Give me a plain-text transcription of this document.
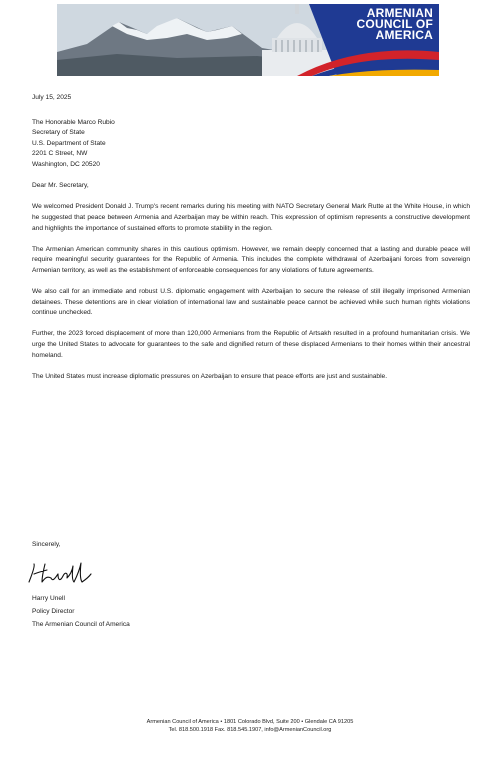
ARMENIAN
COUNCIL OF
AMERICA
July 15, 2025
The Honorable Marco Rubio
Secretary of State
U.S. Department of State
2201 C Street, NW
Washington, DC 20520

Dear Mr. Secretary,

We welcomed President Donald J. Trump's recent remarks during his meeting with NATO Secretary General Mark Rutte at the White House, in which he suggested that peace between Armenia and Azerbaijan may be within reach. This expression of optimism represents a constructive development and highlights the importance of sustained efforts to promote stability in the region.

The Armenian American community shares in this cautious optimism. However, we remain deeply concerned that a lasting and durable peace will require meaningful security guarantees for the Republic of Armenia. This includes the complete withdrawal of Azerbaijani forces from sovereign Armenian territory, as well as the establishment of enforceable consequences for any violations of future agreements.

We also call for an immediate and robust U.S. diplomatic engagement with Azerbaijan to secure the release of still illegally imprisoned Armenian detainees. These detentions are in clear violation of international law and sustainable peace cannot be achieved while such human rights violations continue unchecked.

Further, the 2023 forced displacement of more than 120,000 Armenians from the Republic of Artsakh resulted in a profound humanitarian crisis. We urge the United States to advocate for guarantees to the safe and dignified return of these displaced Armenians to their homes within their ancestral homeland.

The United States must increase diplomatic pressures on Azerbaijan to ensure that peace efforts are just and sustainable.

Sincerely,
Harry Unell
Policy Director
The Armenian Council of America
Armenian Council of America • 1801 Colorado Blvd, Suite 200 • Glendale CA 91205
Tel. 818.500.1918 Fax. 818.545.1907, info@ArmenianCouncil.org
